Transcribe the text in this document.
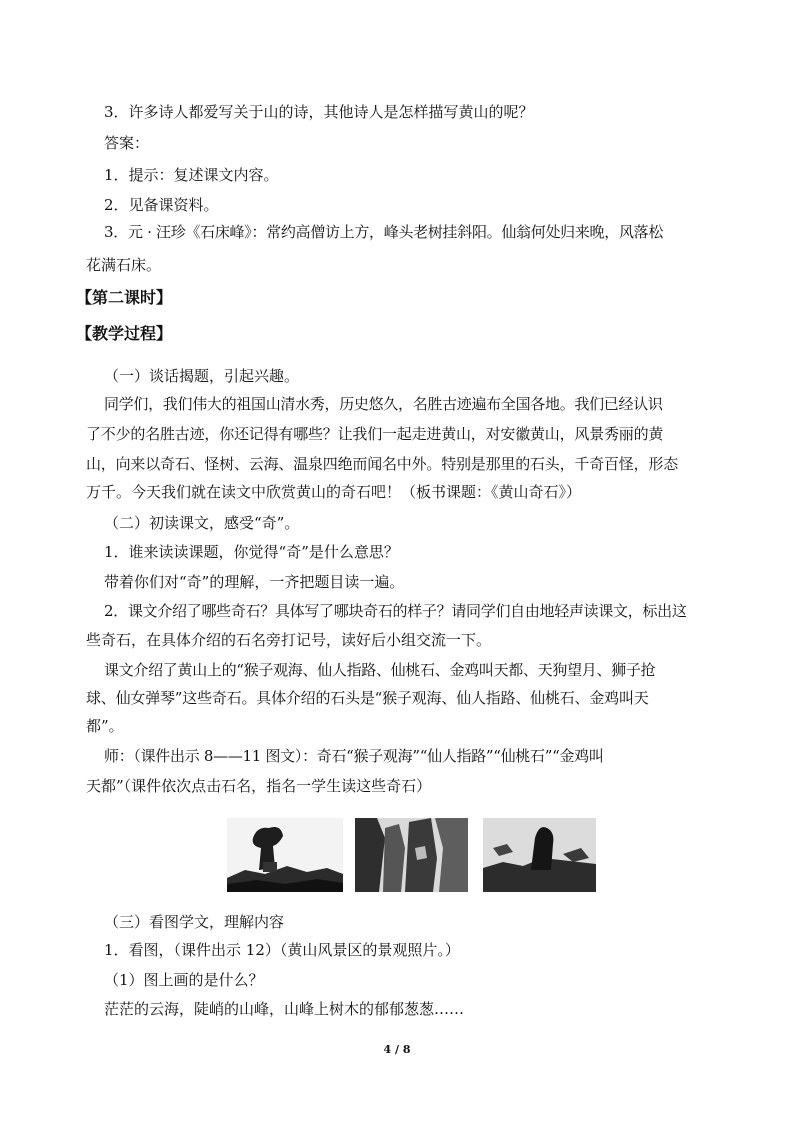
3．许多诗人都爱写关于山的诗，其他诗人是怎样描写黄山的呢？
答案：
1．提示：复述课文内容。
2．见备课资料。
3．元 · 汪珍《石床峰》：常约高僧访上方，峰头老树挂斜阳。仙翁何处归来晚，风落松
花满石床。
【第二课时】
【教学过程】
（一）谈话揭题，引起兴趣。
同学们，我们伟大的祖国山清水秀，历史悠久，名胜古迹遍布全国各地。我们已经认识
了不少的名胜古迹，你还记得有哪些？让我们一起走进黄山，对安徽黄山，风景秀丽的黄
山，向来以奇石、怪树、云海、温泉四绝而闻名中外。特别是那里的石头，千奇百怪，形态
万千。今天我们就在读文中欣赏黄山的奇石吧！（板书课题：《黄山奇石》）
（二）初读课文，感受“奇”。
1．谁来读读课题，你觉得“奇”是什么意思？
带着你们对“奇”的理解，一齐把题目读一遍。
2．课文介绍了哪些奇石？具体写了哪块奇石的样子？请同学们自由地轻声读课文，标出这
些奇石，在具体介绍的石名旁打记号，读好后小组交流一下。
课文介绍了黄山上的“猴子观海、仙人指路、仙桃石、金鸡叫天都、天狗望月、狮子抢
球、仙女弹琴”这些奇石。具体介绍的石头是“猴子观海、仙人指路、仙桃石、金鸡叫天
都”。
师：（课件出示 8——11 图文）：奇石“猴子观海”“仙人指路”“仙桃石”“金鸡叫
天都”（课件依次点击石名，指名一学生读这些奇石）
（三）看图学文，理解内容
1．看图，（课件出示 12）（黄山风景区的景观照片。）
（1）图上画的是什么？
茫茫的云海，陡峭的山峰，山峰上树木的郁郁葱葱……
4 / 8
